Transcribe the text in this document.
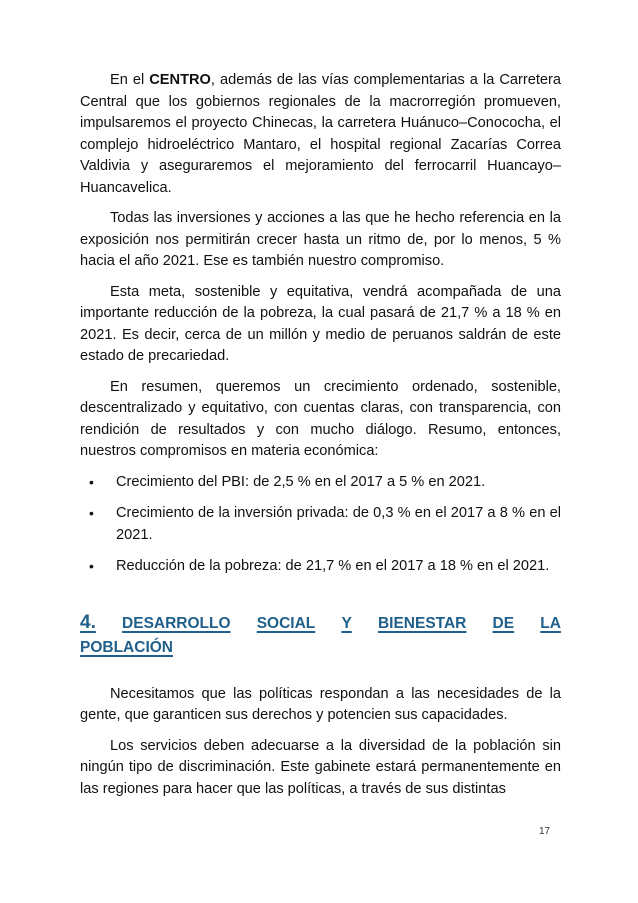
En el CENTRO, además de las vías complementarias a la Carretera Central que los gobiernos regionales de la macrorregión promueven, impulsaremos el proyecto Chinecas, la carretera Huánuco–Conococha, el complejo hidroeléctrico Mantaro, el hospital regional Zacarías Correa Valdivia y aseguraremos el mejoramiento del ferrocarril Huancayo–Huancavelica.

Todas las inversiones y acciones a las que he hecho referencia en la exposición nos permitirán crecer hasta un ritmo de, por lo menos, 5 % hacia el año 2021. Ese es también nuestro compromiso.

Esta meta, sostenible y equitativa, vendrá acompañada de una importante reducción de la pobreza, la cual pasará de 21,7 % a 18 % en 2021. Es decir, cerca de un millón y medio de peruanos saldrán de este estado de precariedad.

En resumen, queremos un crecimiento ordenado, sostenible, descentralizado y equitativo, con cuentas claras, con transparencia, con rendición de resultados y con mucho diálogo. Resumo, entonces, nuestros compromisos en materia económica:

• Crecimiento del PBI: de 2,5 % en el 2017 a 5 % en 2021.
• Crecimiento de la inversión privada: de 0,3 % en el 2017 a 8 % en el 2021.
• Reducción de la pobreza: de 21,7 % en el 2017 a 18 % en el 2021.
4. DESARROLLO SOCIAL Y BIENESTAR DE LA
POBLACIÓN

Necesitamos que las políticas respondan a las necesidades de la gente, que garanticen sus derechos y potencien sus capacidades.

Los servicios deben adecuarse a la diversidad de la población sin ningún tipo de discriminación. Este gabinete estará permanentemente en las regiones para hacer que las políticas, a través de sus distintas

17
